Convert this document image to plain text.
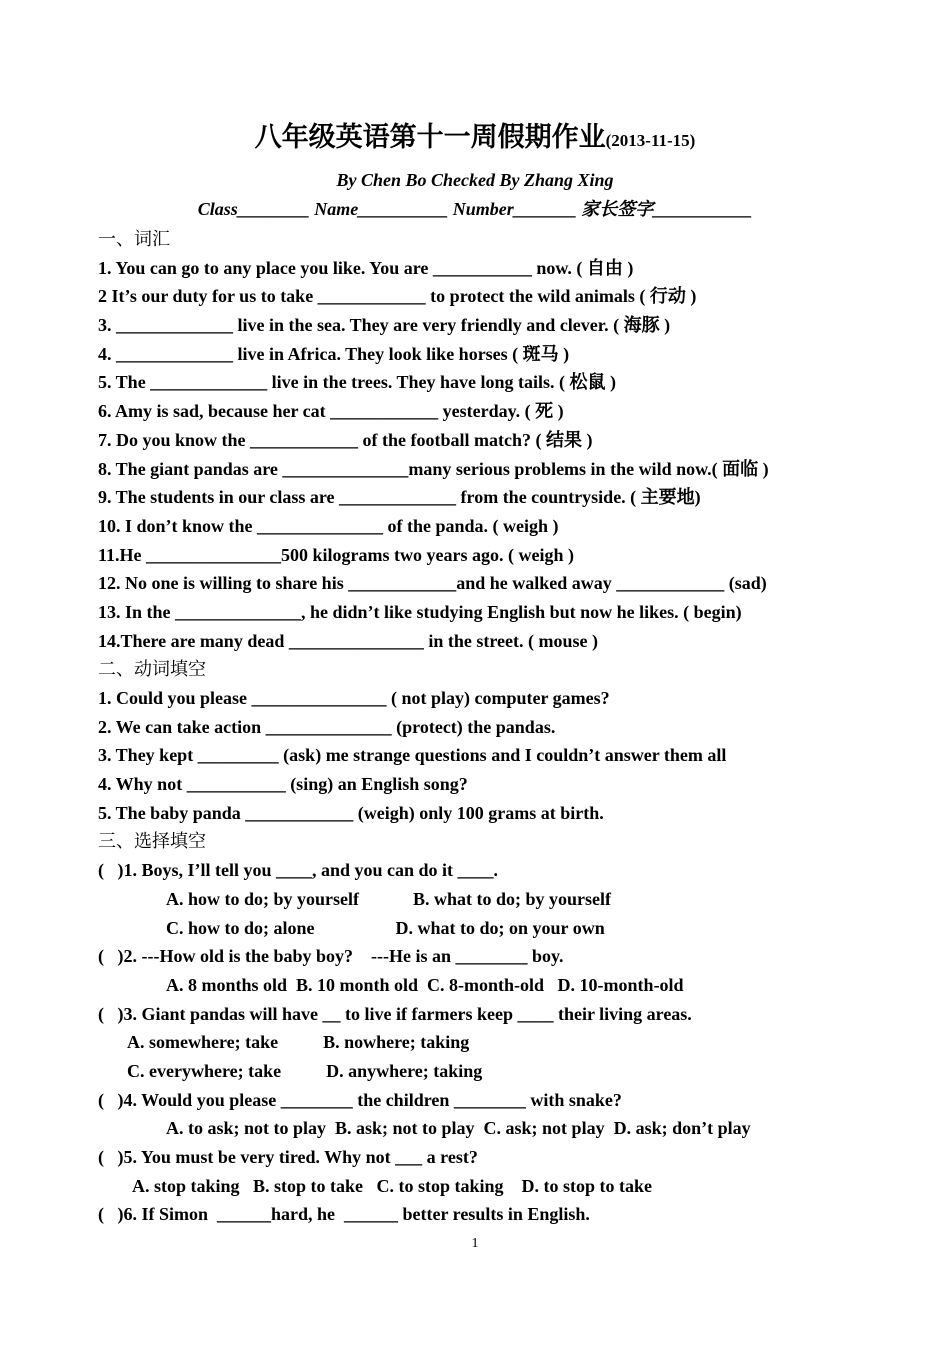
八年级英语第十一周假期作业(2013-11-15)
By Chen Bo Checked By Zhang Xing
Class________ Name__________ Number_______ 家长签字___________
一、词汇
1. You can go to any place you like. You are ___________ now. ( 自由 )
2 It’s our duty for us to take ____________ to protect the wild animals ( 行动 )
3. _____________ live in the sea. They are very friendly and clever. ( 海豚 )
4. _____________ live in Africa. They look like horses ( 斑马 )
5. The _____________ live in the trees. They have long tails. ( 松鼠 )
6. Amy is sad, because her cat ____________ yesterday. ( 死 )
7. Do you know the ____________ of the football match? ( 结果 )
8. The giant pandas are ______________many serious problems in the wild now.( 面临 )
9. The students in our class are _____________ from the countryside. ( 主要地)
10. I don’t know the ______________ of the panda. ( weigh )
11.He _______________500 kilograms two years ago. ( weigh )
12. No one is willing to share his ____________and he walked away ____________ (sad)
13. In the ______________, he didn’t like studying English but now he likes. ( begin)
14.There are many dead _______________ in the street. ( mouse )
二、动词填空
1. Could you please _______________ ( not play) computer games?
2. We can take action ______________ (protect) the pandas.
3. They kept _________ (ask) me strange questions and I couldn’t answer them all
4. Why not ___________ (sing) an English song?
5. The baby panda ____________ (weigh) only 100 grams at birth.
三、选择填空
(   )1. Boys, I’ll tell you ____, and you can do it ____.
A. how to do; by yourself            B. what to do; by yourself
C. how to do; alone                  D. what to do; on your own
(   )2. ---How old is the baby boy?    ---He is an ________ boy.
A. 8 months old  B. 10 month old  C. 8-month-old   D. 10-month-old
(   )3. Giant pandas will have __ to live if farmers keep ____ their living areas.
A. somewhere; take          B. nowhere; taking
C. everywhere; take          D. anywhere; taking
(   )4. Would you please ________ the children ________ with snake?
A. to ask; not to play  B. ask; not to play  C. ask; not play  D. ask; don’t play
(   )5. You must be very tired. Why not ___ a rest?
A. stop taking   B. stop to take   C. to stop taking    D. to stop to take
(   )6. If Simon  ______hard, he  ______ better results in English.
1
